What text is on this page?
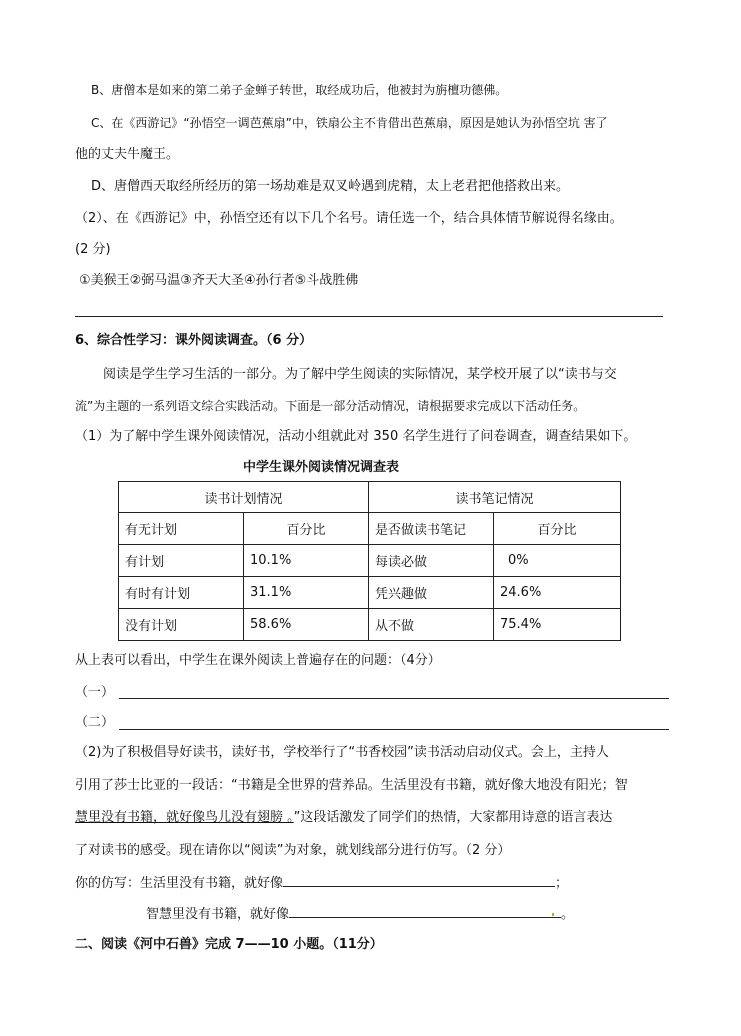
B、唐僧本是如来的第二弟子金蝉子转世，取经成功后，他被封为旃檀功德佛。
C、在《西游记》“孙悟空一调芭蕉扇”中，铁扇公主不肯借出芭蕉扇，原因是她认为孙悟空坑 害了
他的丈夫牛魔王。
D、唐僧西天取经所经历的第一场劫难是双叉岭遇到虎精，太上老君把他搭救出来。
（2）、在《西游记》中，孙悟空还有以下几个名号。请任选一个，结合具体情节解说得名缘由。
(2 分)
①美猴王②弼马温③齐天大圣④孙行者⑤斗战胜佛
6、综合性学习：课外阅读调查。（6 分）
阅读是学生学习生活的一部分。为了解中学生阅读的实际情况，某学校开展了以“读书与交
流”为主题的一系列语文综合实践活动。下面是一部分活动情况，请根据要求完成以下活动任务。
（1）为了解中学生课外阅读情况，活动小组就此对 350 名学生进行了问卷调查，调查结果如下。
中学生课外阅读情况调查表
读书计划情况		读书笔记情况	
有无计划	百分比	是否做读书笔记	百分比
有计划	10.1%	每读必做	0%
有时有计划	31.1%	凭兴趣做	24.6%
没有计划	58.6%	从不做	75.4%
从上表可以看出，中学生在课外阅读上普遍存在的问题：（4分）
（一）
（二）
（2)为了积极倡导好读书，读好书，学校举行了“书香校园”读书活动启动仪式。会上，主持人
引用了莎士比亚的一段话：“书籍是全世界的营养品。生活里没有书籍，就好像大地没有阳光；智
慧里没有书籍，就好像鸟儿没有翅膀 。”这段话激发了同学们的热情，大家都用诗意的语言表达
了对读书的感受。现在请你以“阅读”为对象，就划线部分进行仿写。（2 分）
你的仿写：生活里没有书籍，就好像	；
智慧里没有书籍，就好像	。
二、阅读《河中石兽》完成 7——10 小题。（11分）
